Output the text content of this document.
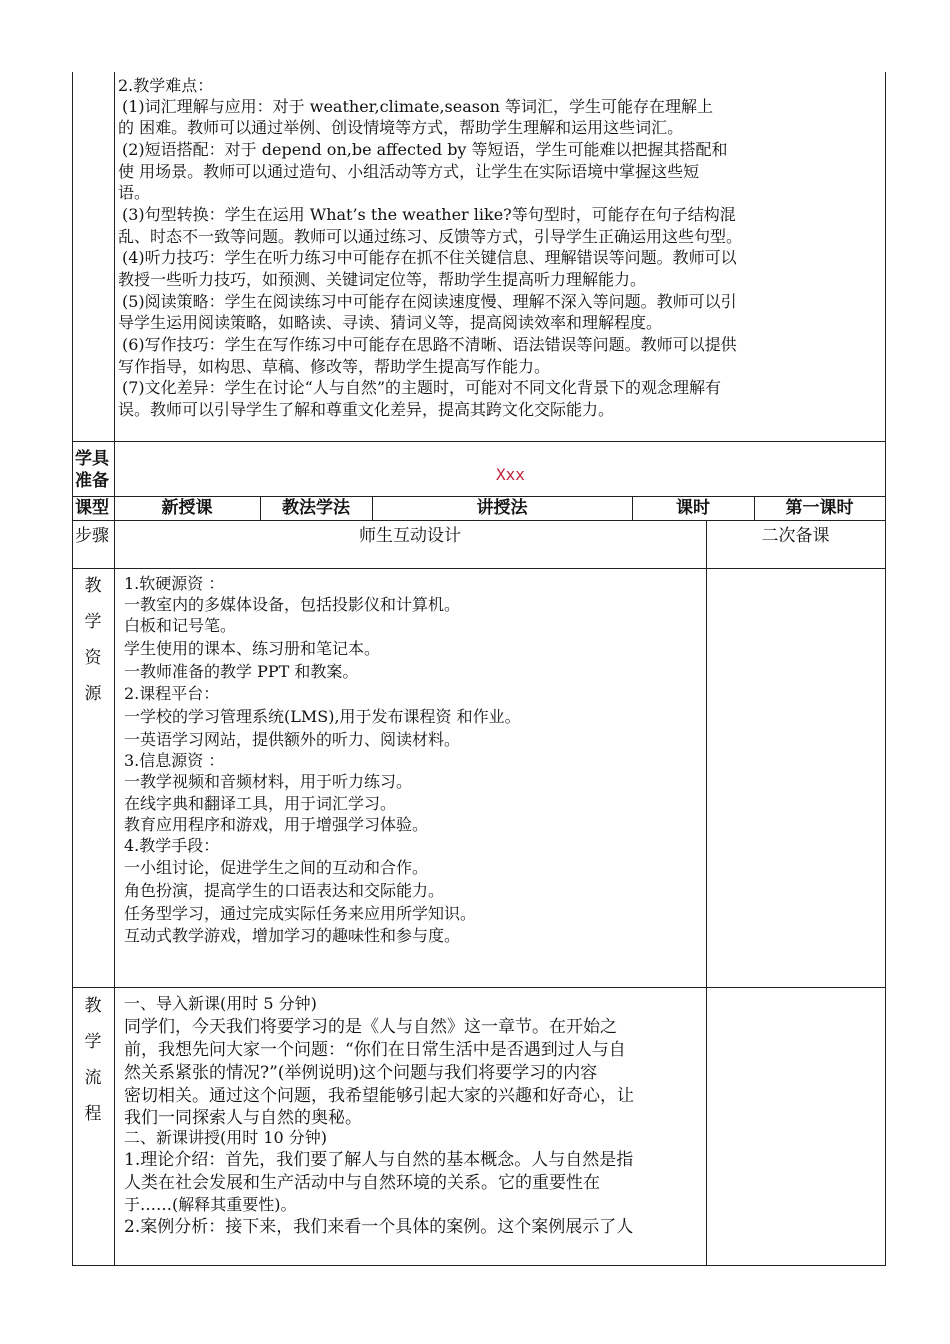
2.教学难点：
(1)词汇理解与应用：对于 weather,climate,season 等词汇，学生可能存在理解上
的 困难。教师可以通过举例、创设情境等方式，帮助学生理解和运用这些词汇。
(2)短语搭配：对于 depend on,be affected by 等短语，学生可能难以把握其搭配和
使 用场景。教师可以通过造句、小组活动等方式，让学生在实际语境中掌握这些短
语。
(3)句型转换：学生在运用 What’s the weather like?等句型时，可能存在句子结构混
乱、时态不一致等问题。教师可以通过练习、反馈等方式，引导学生正确运用这些句型。
(4)听力技巧：学生在听力练习中可能存在抓不住关键信息、理解错误等问题。教师可以
教授一些听力技巧，如预测、关键词定位等，帮助学生提高听力理解能力。
(5)阅读策略：学生在阅读练习中可能存在阅读速度慢、理解不深入等问题。教师可以引
导学生运用阅读策略，如略读、寻读、猜词义等，提高阅读效率和理解程度。
(6)写作技巧：学生在写作练习中可能存在思路不清晰、语法错误等问题。教师可以提供
写作指导，如构思、草稿、修改等，帮助学生提高写作能力。
(7)文化差异：学生在讨论“人与自然”的主题时，可能对不同文化背景下的观念理解有
误。教师可以引导学生了解和尊重文化差异，提高其跨文化交际能力。
学具
准备	Xxx
课型	新授课	教法学法	讲授法	课时	第一课时
步骤	师生互动设计	二次备课
教
学
资
源
1.软硬源资 ：
一教室内的多媒体设备，包括投影仪和计算机。
白板和记号笔。
学生使用的课本、练习册和笔记本。
一教师准备的教学 PPT 和教案。
2.课程平台：
一学校的学习管理系统(LMS),用于发布课程资 和作业。
一英语学习网站，提供额外的听力、阅读材料。
3.信息源资 ：
一教学视频和音频材料，用于听力练习。
在线字典和翻译工具，用于词汇学习。
教育应用程序和游戏，用于增强学习体验。
4.教学手段：
一小组讨论，促进学生之间的互动和合作。
角色扮演，提高学生的口语表达和交际能力。
任务型学习，通过完成实际任务来应用所学知识。
互动式教学游戏，增加学习的趣味性和参与度。
教
学
流
程
一、导入新课(用时 5 分钟)
同学们，今天我们将要学习的是《人与自然》这一章节。在开始之
前，我想先问大家一个问题：“你们在日常生活中是否遇到过人与自
然关系紧张的情况?”(举例说明)这个问题与我们将要学习的内容
密切相关。通过这个问题，我希望能够引起大家的兴趣和好奇心，让
我们一同探索人与自然的奥秘。
二、新课讲授(用时 10 分钟)
1.理论介绍：首先，我们要了解人与自然的基本概念。人与自然是指
人类在社会发展和生产活动中与自然环境的关系。它的重要性在
于……(解释其重要性)。
2.案例分析：接下来，我们来看一个具体的案例。这个案例展示了人
